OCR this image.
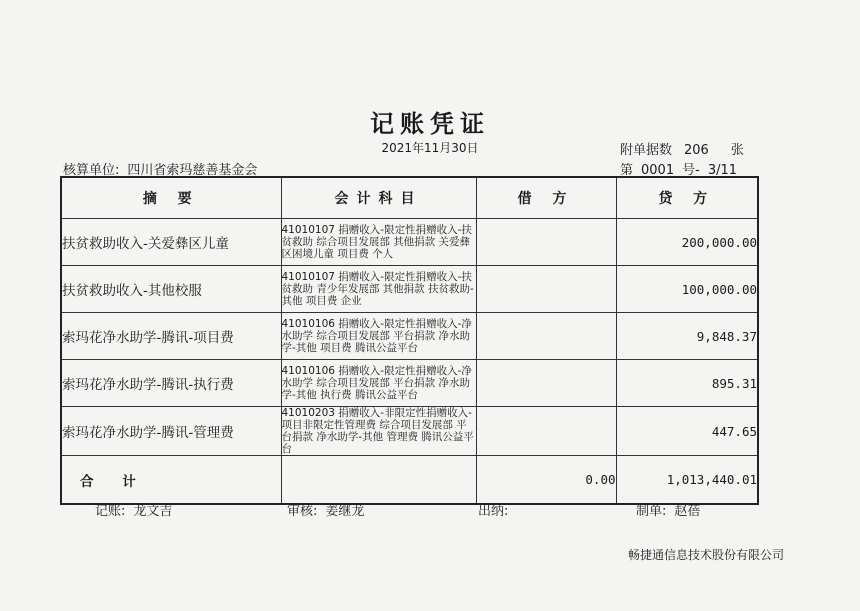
记账凭证
2021年11月30日	附单据数 206 张
核算单位: 四川省索玛慈善基金会	第 0001 号- 3/11
摘 要	会计科目	借 方	贷 方
扶贫救助收入-关爱彝区儿童	41010107 捐赠收入-限定性捐赠收入-扶贫救助 综合项目发展部 其他捐款 关爱彝区困境儿童 项目费 个人		200,000.00
扶贫救助收入-其他校服	41010107 捐赠收入-限定性捐赠收入-扶贫救助 青少年发展部 其他捐款 扶贫救助-其他 项目费 企业		100,000.00
索玛花净水助学-腾讯-项目费	41010106 捐赠收入-限定性捐赠收入-净水助学 综合项目发展部 平台捐款 净水助学-其他 项目费 腾讯公益平台		9,848.37
索玛花净水助学-腾讯-执行费	41010106 捐赠收入-限定性捐赠收入-净水助学 综合项目发展部 平台捐款 净水助学-其他 执行费 腾讯公益平台		895.31
索玛花净水助学-腾讯-管理费	41010203 捐赠收入-非限定性捐赠收入-项目非限定性管理费 综合项目发展部 平台捐款 净水助学-其他 管理费 腾讯公益平台		447.65
合 计		0.00	1,013,440.01
记账: 龙文吉	审核: 姜继龙	出纳:	制单: 赵蓓
畅捷通信息技术股份有限公司
